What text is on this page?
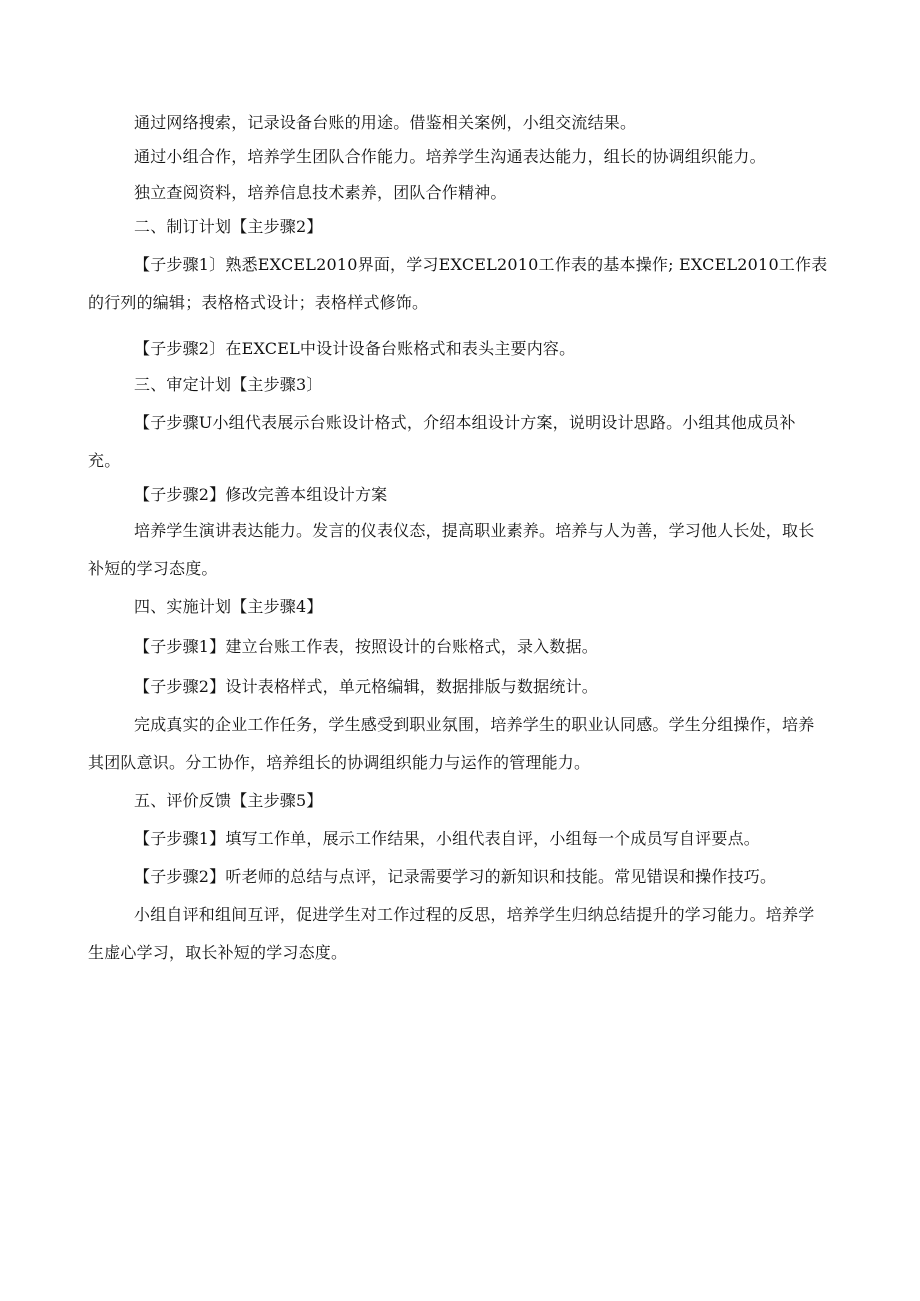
通过网络搜索，记录设备台账的用途。借鉴相关案例，小组交流结果。

通过小组合作，培养学生团队合作能力。培养学生沟通表达能力，组长的协调组织能力。

独立查阅资料，培养信息技术素养，团队合作精神。

二、制订计划【主步骤2】

【子步骤1〕熟悉EXCEL2010界面，学习EXCEL2010工作表的基本操作; EXCEL2010工作表的行列的编辑；表格格式设计；表格样式修饰。

【子步骤2〕在EXCEL中设计设备台账格式和表头主要内容。

三、审定计划【主步骤3〕

【子步骤U小组代表展示台账设计格式，介绍本组设计方案，说明设计思路。小组其他成员补充。

【子步骤2】修改完善本组设计方案

培养学生演讲表达能力。发言的仪表仪态，提高职业素养。培养与人为善，学习他人长处，取长补短的学习态度。

四、实施计划【主步骤4】

【子步骤1】建立台账工作表，按照设计的台账格式，录入数据。

【子步骤2】设计表格样式，单元格编辑，数据排版与数据统计。

完成真实的企业工作任务，学生感受到职业氛围，培养学生的职业认同感。学生分组操作，培养其团队意识。分工协作，培养组长的协调组织能力与运作的管理能力。

五、评价反馈【主步骤5】

【子步骤1】填写工作单，展示工作结果，小组代表自评，小组每一个成员写自评要点。

【子步骤2】听老师的总结与点评，记录需要学习的新知识和技能。常见错误和操作技巧。

小组自评和组间互评，促进学生对工作过程的反思，培养学生归纳总结提升的学习能力。培养学生虚心学习，取长补短的学习态度。
